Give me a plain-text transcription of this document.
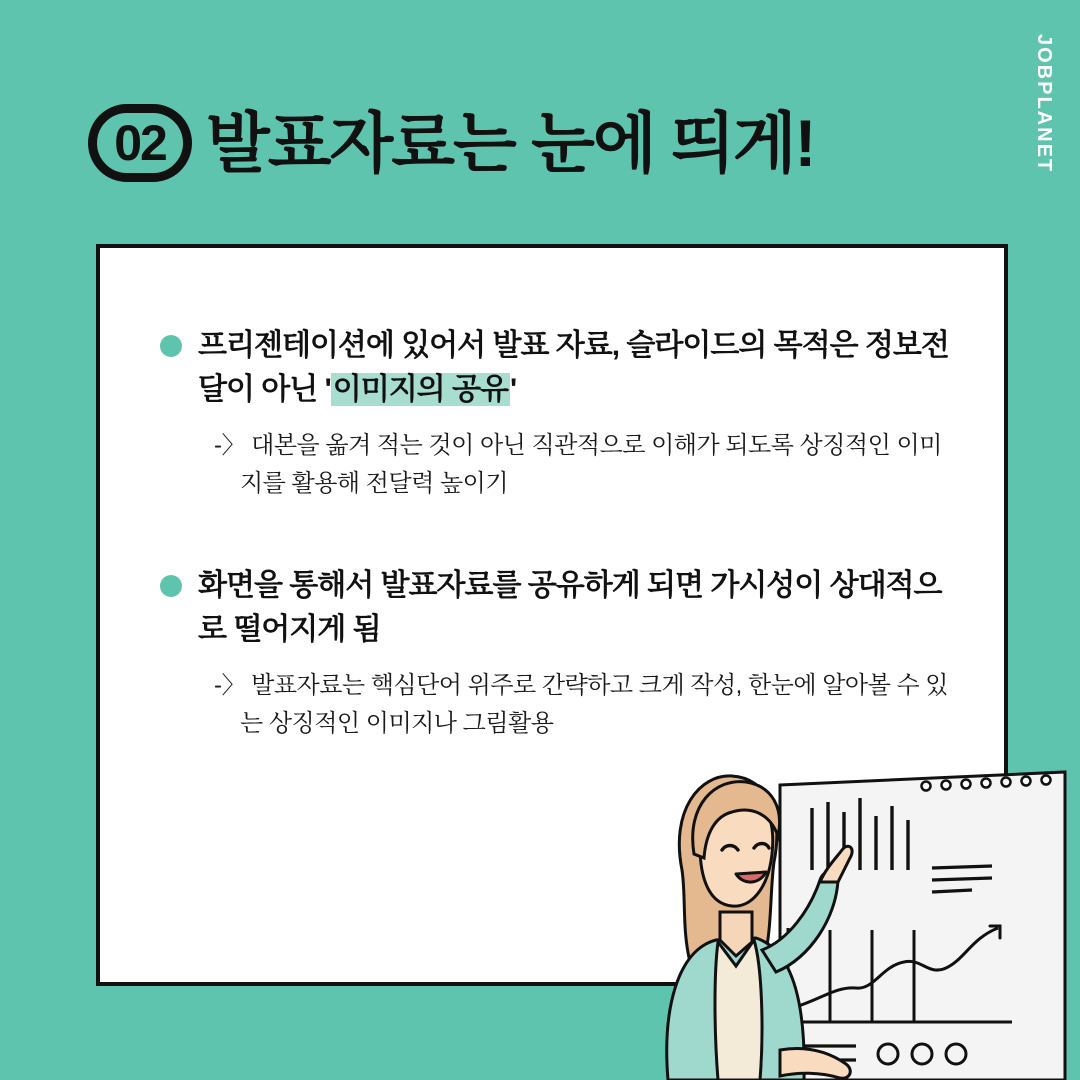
JOBPLANET
02 발표자료는 눈에 띄게!
프리젠테이션에 있어서 발표 자료, 슬라이드의 목적은 정보전달이 아닌 '이미지의 공유'
-〉 대본을 옮겨 적는 것이 아닌 직관적으로 이해가 되도록 상징적인 이미지를 활용해 전달력 높이기
화면을 통해서 발표자료를 공유하게 되면 가시성이 상대적으로 떨어지게 됨
-〉 발표자료는 핵심단어 위주로 간략하고 크게 작성, 한눈에 알아볼 수 있는 상징적인 이미지나 그림활용
